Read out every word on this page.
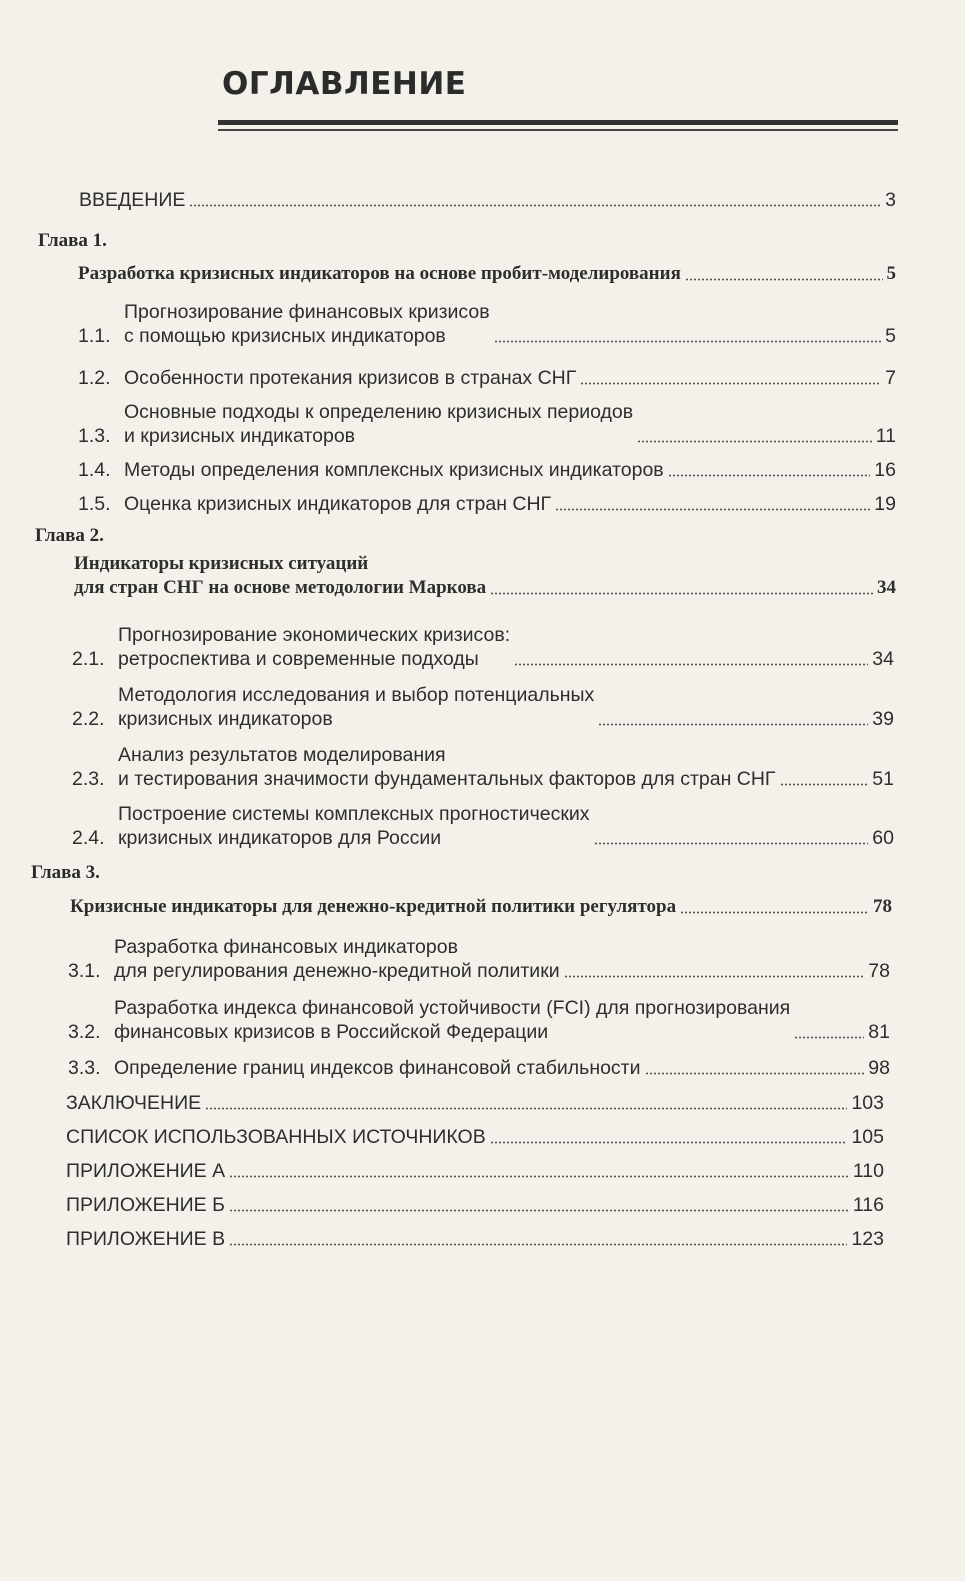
ОГЛАВЛЕНИЕ
ВВЕДЕНИЕ	3
Глава 1.
Разработка кризисных индикаторов на основе пробит-моделирования	5
1.1.
Прогнозирование финансовых кризисов
с помощью кризисных индикаторов	5
1.2. Особенности протекания кризисов в странах СНГ	7
1.3.
Основные подходы к определению кризисных периодов
и кризисных индикаторов	11
1.4. Методы определения комплексных кризисных индикаторов	16
1.5. Оценка кризисных индикаторов для стран СНГ	19
Глава 2.
Индикаторы кризисных ситуаций
для стран СНГ на основе методологии Маркова	34
2.1.
Прогнозирование экономических кризисов:
ретроспектива и современные подходы	34
2.2.
Методология исследования и выбор потенциальных
кризисных индикаторов	39
2.3.
Анализ результатов моделирования
и тестирования значимости фундаментальных факторов для стран СНГ	51
2.4.
Построение системы комплексных прогностических
кризисных индикаторов для России	60
Глава 3.
Кризисные индикаторы для денежно-кредитной политики регулятора	78
3.1.
Разработка финансовых индикаторов
для регулирования денежно-кредитной политики	78
3.2.
Разработка индекса финансовой устойчивости (FCI) для прогнозирования
финансовых кризисов в Российской Федерации	81
3.3. Определение границ индексов финансовой стабильности	98
ЗАКЛЮЧЕНИЕ	103
СПИСОК ИСПОЛЬЗОВАННЫХ ИСТОЧНИКОВ	105
ПРИЛОЖЕНИЕ А	110
ПРИЛОЖЕНИЕ Б	116
ПРИЛОЖЕНИЕ В	123
